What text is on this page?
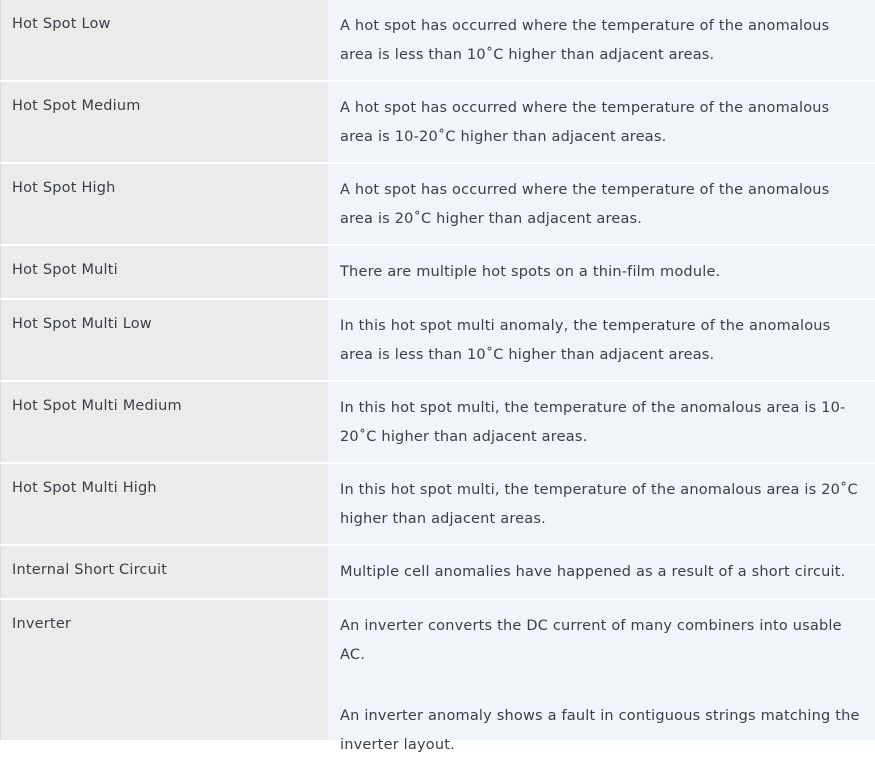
Hot Spot Low	A hot spot has occurred where the temperature of the anomalous area is less than 10˚C higher than adjacent areas.

Hot Spot Medium	A hot spot has occurred where the temperature of the anomalous area is 10-20˚C higher than adjacent areas.

Hot Spot High	A hot spot has occurred where the temperature of the anomalous area is 20˚C higher than adjacent areas.

Hot Spot Multi	There are multiple hot spots on a thin-film module.

Hot Spot Multi Low	In this hot spot multi anomaly, the temperature of the anomalous area is less than 10˚C higher than adjacent areas.

Hot Spot Multi Medium	In this hot spot multi, the temperature of the anomalous area is 10-20˚C higher than adjacent areas.

Hot Spot Multi High	In this hot spot multi, the temperature of the anomalous area is 20˚C higher than adjacent areas.

Internal Short Circuit	Multiple cell anomalies have happened as a result of a short circuit.

Inverter	An inverter converts the DC current of many combiners into usable AC.

An inverter anomaly shows a fault in contiguous strings matching the inverter layout.
